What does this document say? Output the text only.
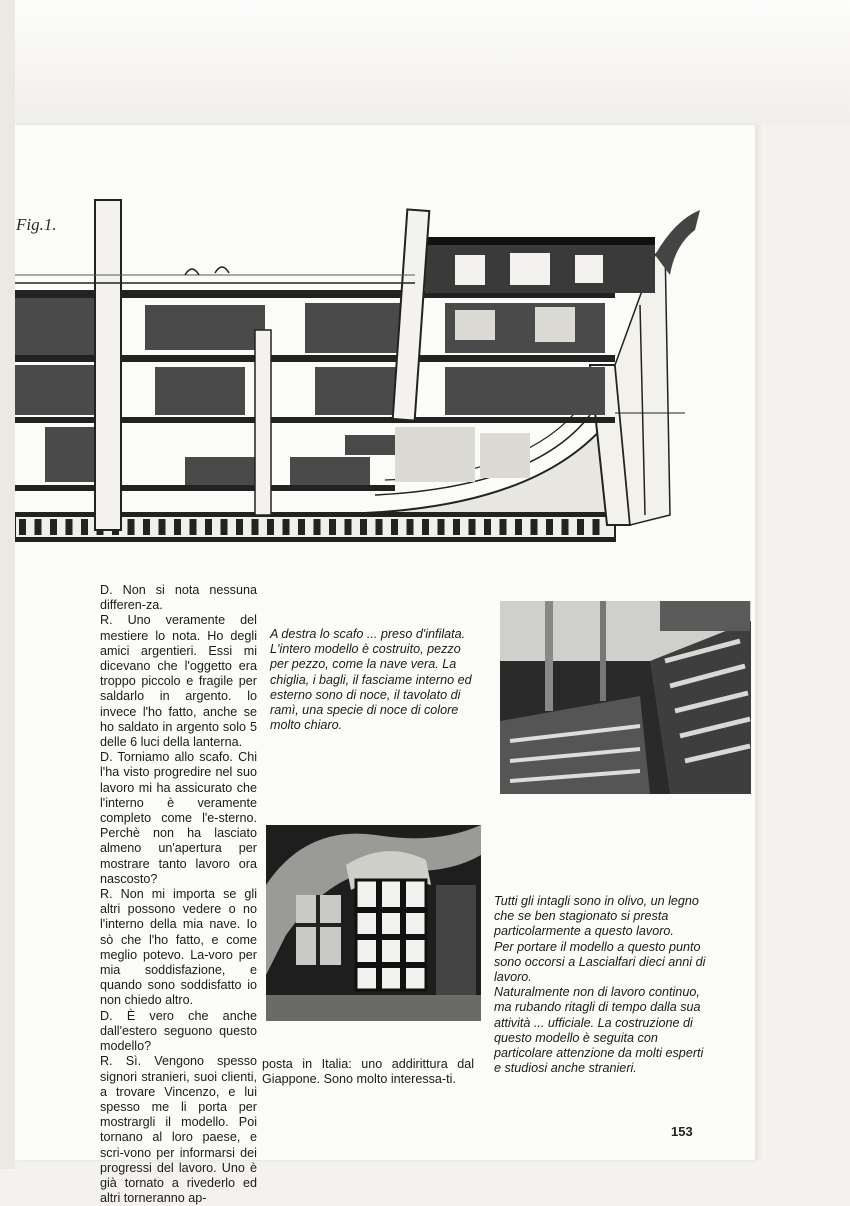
Fig.1.

D. Non si nota nessuna differen-za.

R. Uno veramente del mestiere lo nota. Ho degli amici argentieri. Essi mi dicevano che l'oggetto era troppo piccolo e fragile per saldarlo in argento. lo invece l'ho fatto, anche se ho saldato in argento solo 5 delle 6 luci della lanterna.

D. Torniamo allo scafo. Chi l'ha visto progredire nel suo lavoro mi ha assicurato che l'interno è veramente completo come l'e-sterno. Perchè non ha lasciato almeno un'apertura per mostrare tanto lavoro ora nascosto?

R. Non mi importa se gli altri possono vedere o no l'interno della mia nave. Io sò che l'ho fatto, e come meglio potevo. La-voro per mia soddisfazione, e quando sono soddisfatto io non chiedo altro.

D. È vero che anche dall'estero seguono questo modello?

R. Sì. Vengono spesso signori stranieri, suoi clienti, a trovare Vincenzo, e lui spesso me li porta per mostrargli il modello. Poi tornano al loro paese, e scri-vono per informarsi dei progressi del lavoro. Uno è già tornato a rivederlo ed altri torneranno ap-

posta in Italia: uno addirittura dal Giappone. Sono molto interessa-ti.

A destra lo scafo ... preso d'infilata. L'intero modello è costruito, pezzo per pezzo, come la nave vera. La chiglia, i bagli, il fasciame interno ed esterno sono di noce, il tavolato di ramì, una specie di noce di colore molto chiaro.
Tutti gli intagli sono in olivo, un legno che se ben stagionato si presta particolarmente a questo lavoro.
Per portare il modello a questo punto sono occorsi a Lascialfari dieci anni di lavoro.
Naturalmente non di lavoro continuo, ma rubando ritagli di tempo dalla sua attività ... ufficiale. La costruzione di questo modello è seguita con particolare attenzione da molti esperti e studiosi anche stranieri.
153
